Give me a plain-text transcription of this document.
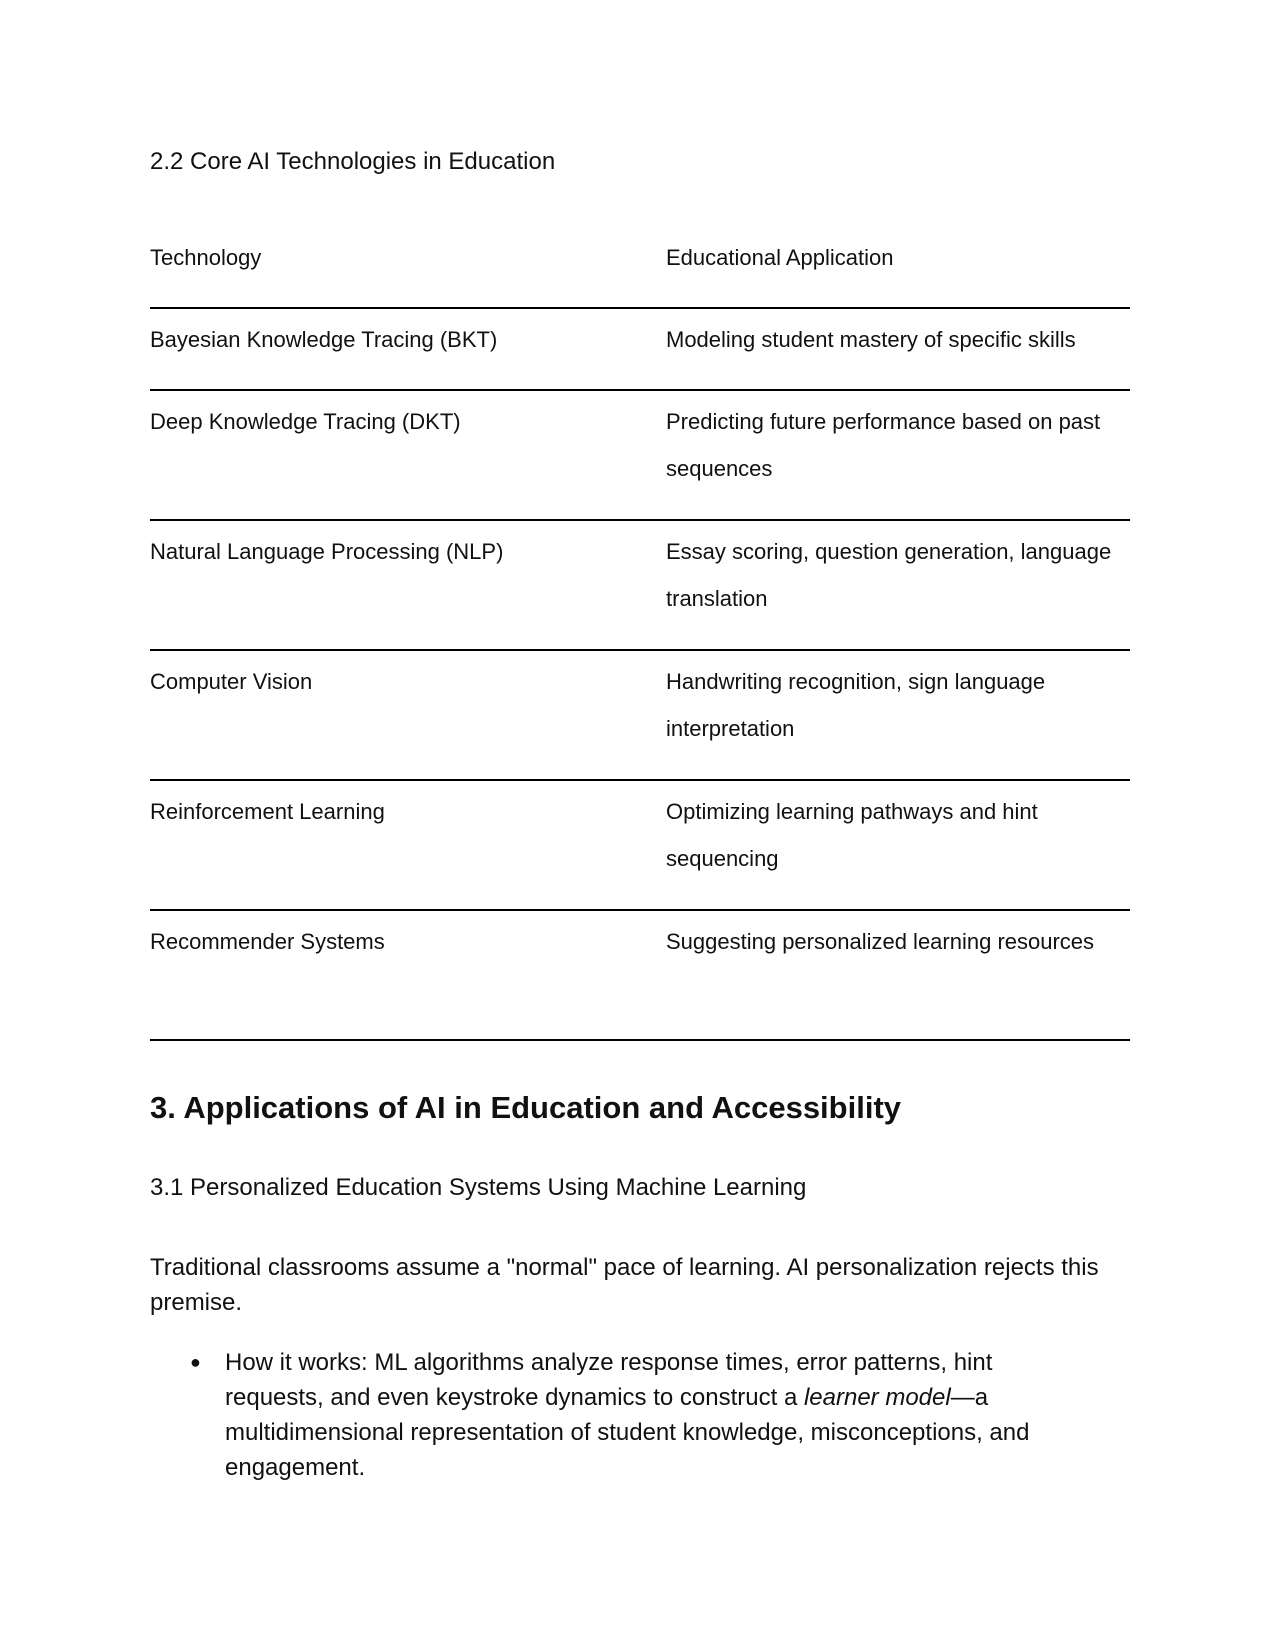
2.2 Core AI Technologies in Education
Technology	Educational Application
Bayesian Knowledge Tracing (BKT)	Modeling student mastery of specific skills
Deep Knowledge Tracing (DKT)	Predicting future performance based on past sequences
Natural Language Processing (NLP)	Essay scoring, question generation, language translation
Computer Vision	Handwriting recognition, sign language interpretation
Reinforcement Learning	Optimizing learning pathways and hint sequencing
Recommender Systems	Suggesting personalized learning resources
3. Applications of AI in Education and Accessibility
3.1 Personalized Education Systems Using Machine Learning

Traditional classrooms assume a "normal" pace of learning. AI personalization rejects this premise.

● How it works: ML algorithms analyze response times, error patterns, hint requests, and even keystroke dynamics to construct a learner model—a multidimensional representation of student knowledge, misconceptions, and engagement.
